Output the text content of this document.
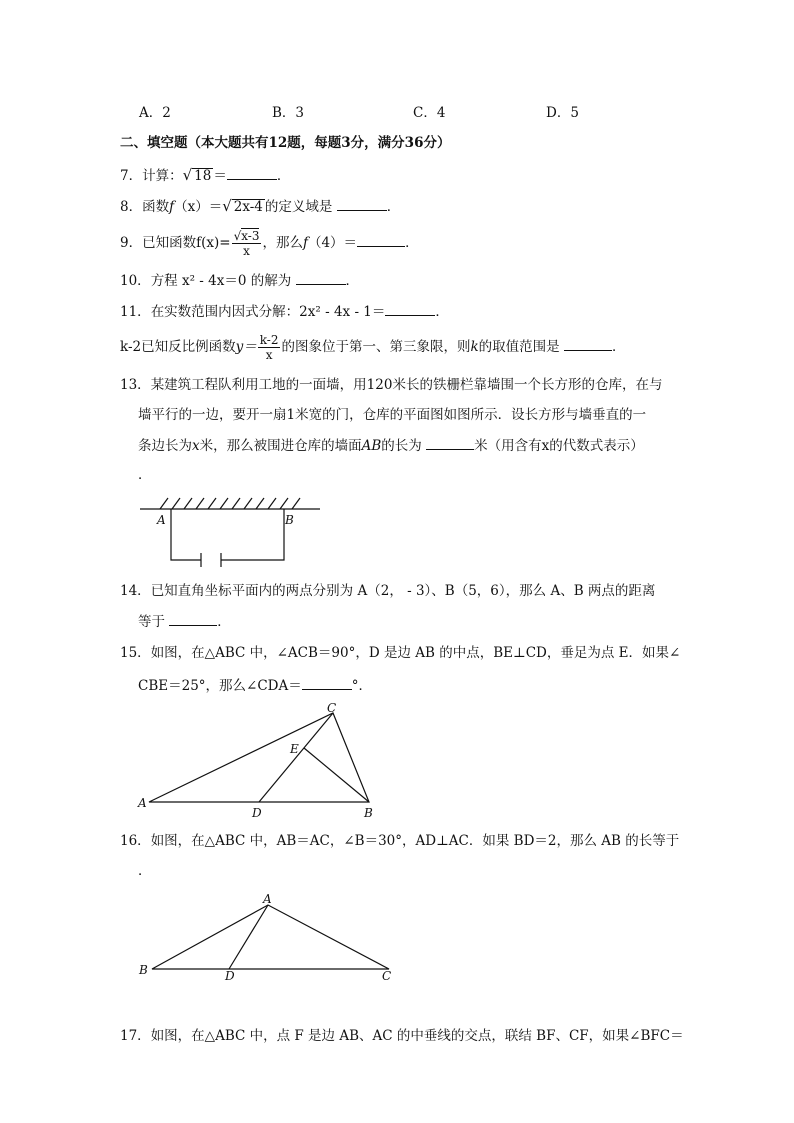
A．2	B．3	C．4	D．5
二、填空题（本大题共有12题，每题3分，满分36分）
7．计算：√ 18 ＝	．
8．函数f（x）＝√ 2x-4 的定义域是	．
9．已知函数$f(x)= \frac{√x-3}{x}$ ，那么f（4）＝	．
10．方程 x² - 4x＝0 的解为	．
11．在实数范围内因式分解：2x² - 4x - 1＝	．
k-2已知反比例函数$y= \frac{k-2}{x}$ 的图象位于第一、第三象限，则k的取值范围是	．
13．某建筑工程队利用工地的一面墙，用120米长的铁栅栏靠墙围一个长方形的仓库，在与
墙平行的一边，要开一扇1米宽的门，仓库的平面图如图所示．设长方形与墙垂直的一
条边长为x米，那么被围进仓库的墙面AB的长为	米（用含有x的代数式表示）
．
A	B
14．已知直角坐标平面内的两点分别为 A（2， - 3）、B（5，6），那么 A、B 两点的距离
等于	．
15．如图，在△ABC 中，∠ACB＝90°，D 是边 AB 的中点，BE⊥CD，垂足为点 E．如果∠
CBE＝25°，那么∠CDA＝	°．
A
B
C
D
E
16．如图，在△ABC 中，AB＝AC，∠B＝30°，AD⊥AC．如果 BD＝2，那么 AB 的长等于
．
A
B	C
D
17．如图，在△ABC 中，点 F 是边 AB、AC 的中垂线的交点，联结 BF、CF，如果∠BFC＝
